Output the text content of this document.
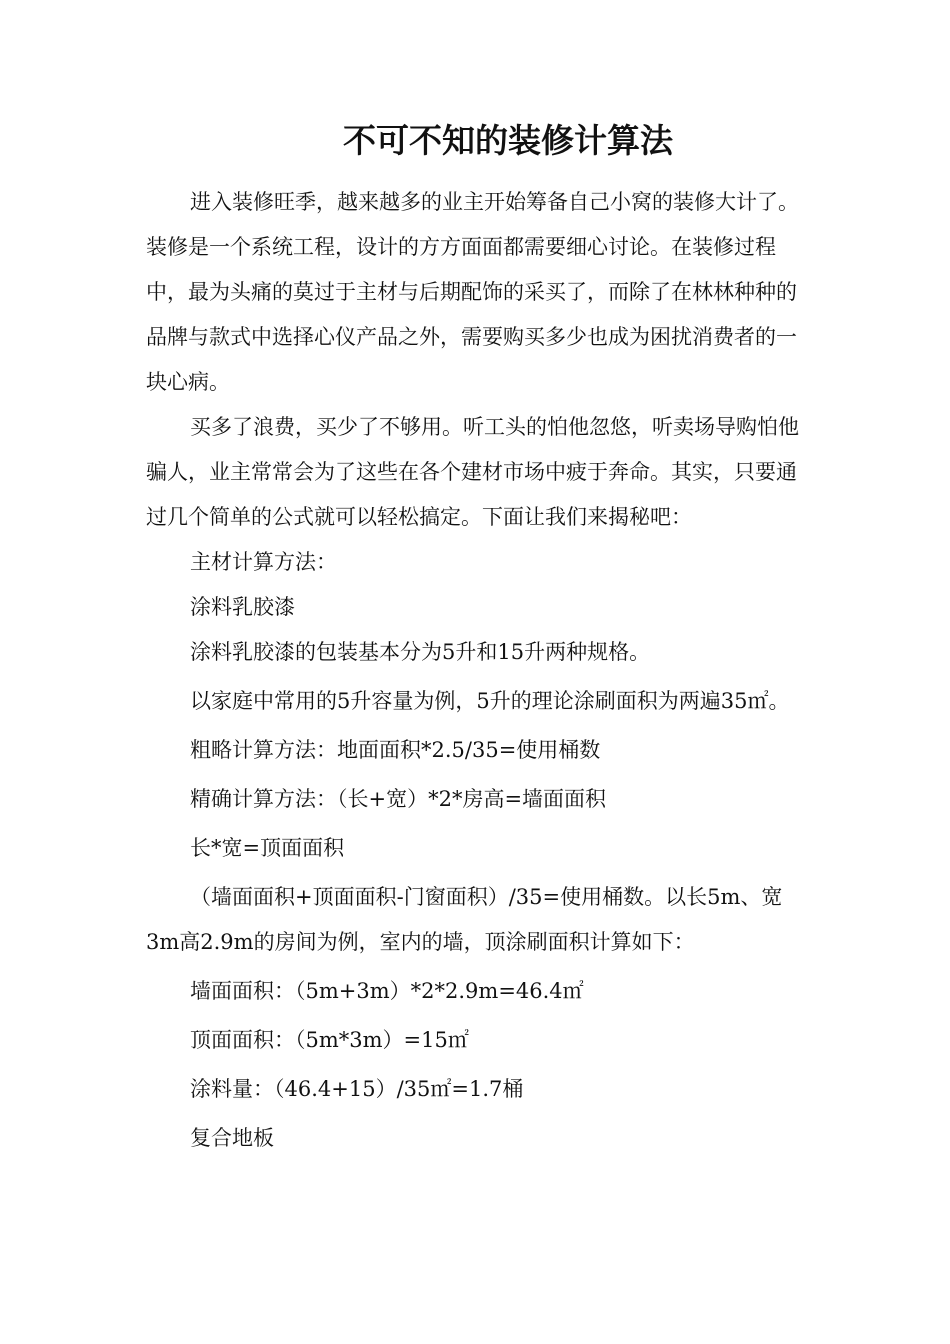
不可不知的装修计算法

进入装修旺季，越来越多的业主开始筹备自己小窝的装修大计了。装修是一个系统工程，设计的方方面面都需要细心讨论。在装修过程中，最为头痛的莫过于主材与后期配饰的采买了，而除了在林林种种的品牌与款式中选择心仪产品之外，需要购买多少也成为困扰消费者的一块心病。

买多了浪费，买少了不够用。听工头的怕他忽悠，听卖场导购怕他骗人，业主常常会为了这些在各个建材市场中疲于奔命。其实，只要通过几个简单的公式就可以轻松搞定。下面让我们来揭秘吧：

主材计算方法：

涂料乳胶漆

涂料乳胶漆的包装基本分为5升和15升两种规格。

以家庭中常用的5升容量为例，5升的理论涂刷面积为两遍35㎡。

粗略计算方法：地面面积*2.5/35=使用桶数

精确计算方法：（长+宽）*2*房高=墙面面积

长*宽=顶面面积

（墙面面积+顶面面积-门窗面积）/35=使用桶数。以长5m、宽3m高2.9m的房间为例，室内的墙，顶涂刷面积计算如下：

墙面面积：（5m+3m）*2*2.9m=46.4㎡

顶面面积：（5m*3m）=15㎡

涂料量：（46.4+15）/35㎡=1.7桶

复合地板
